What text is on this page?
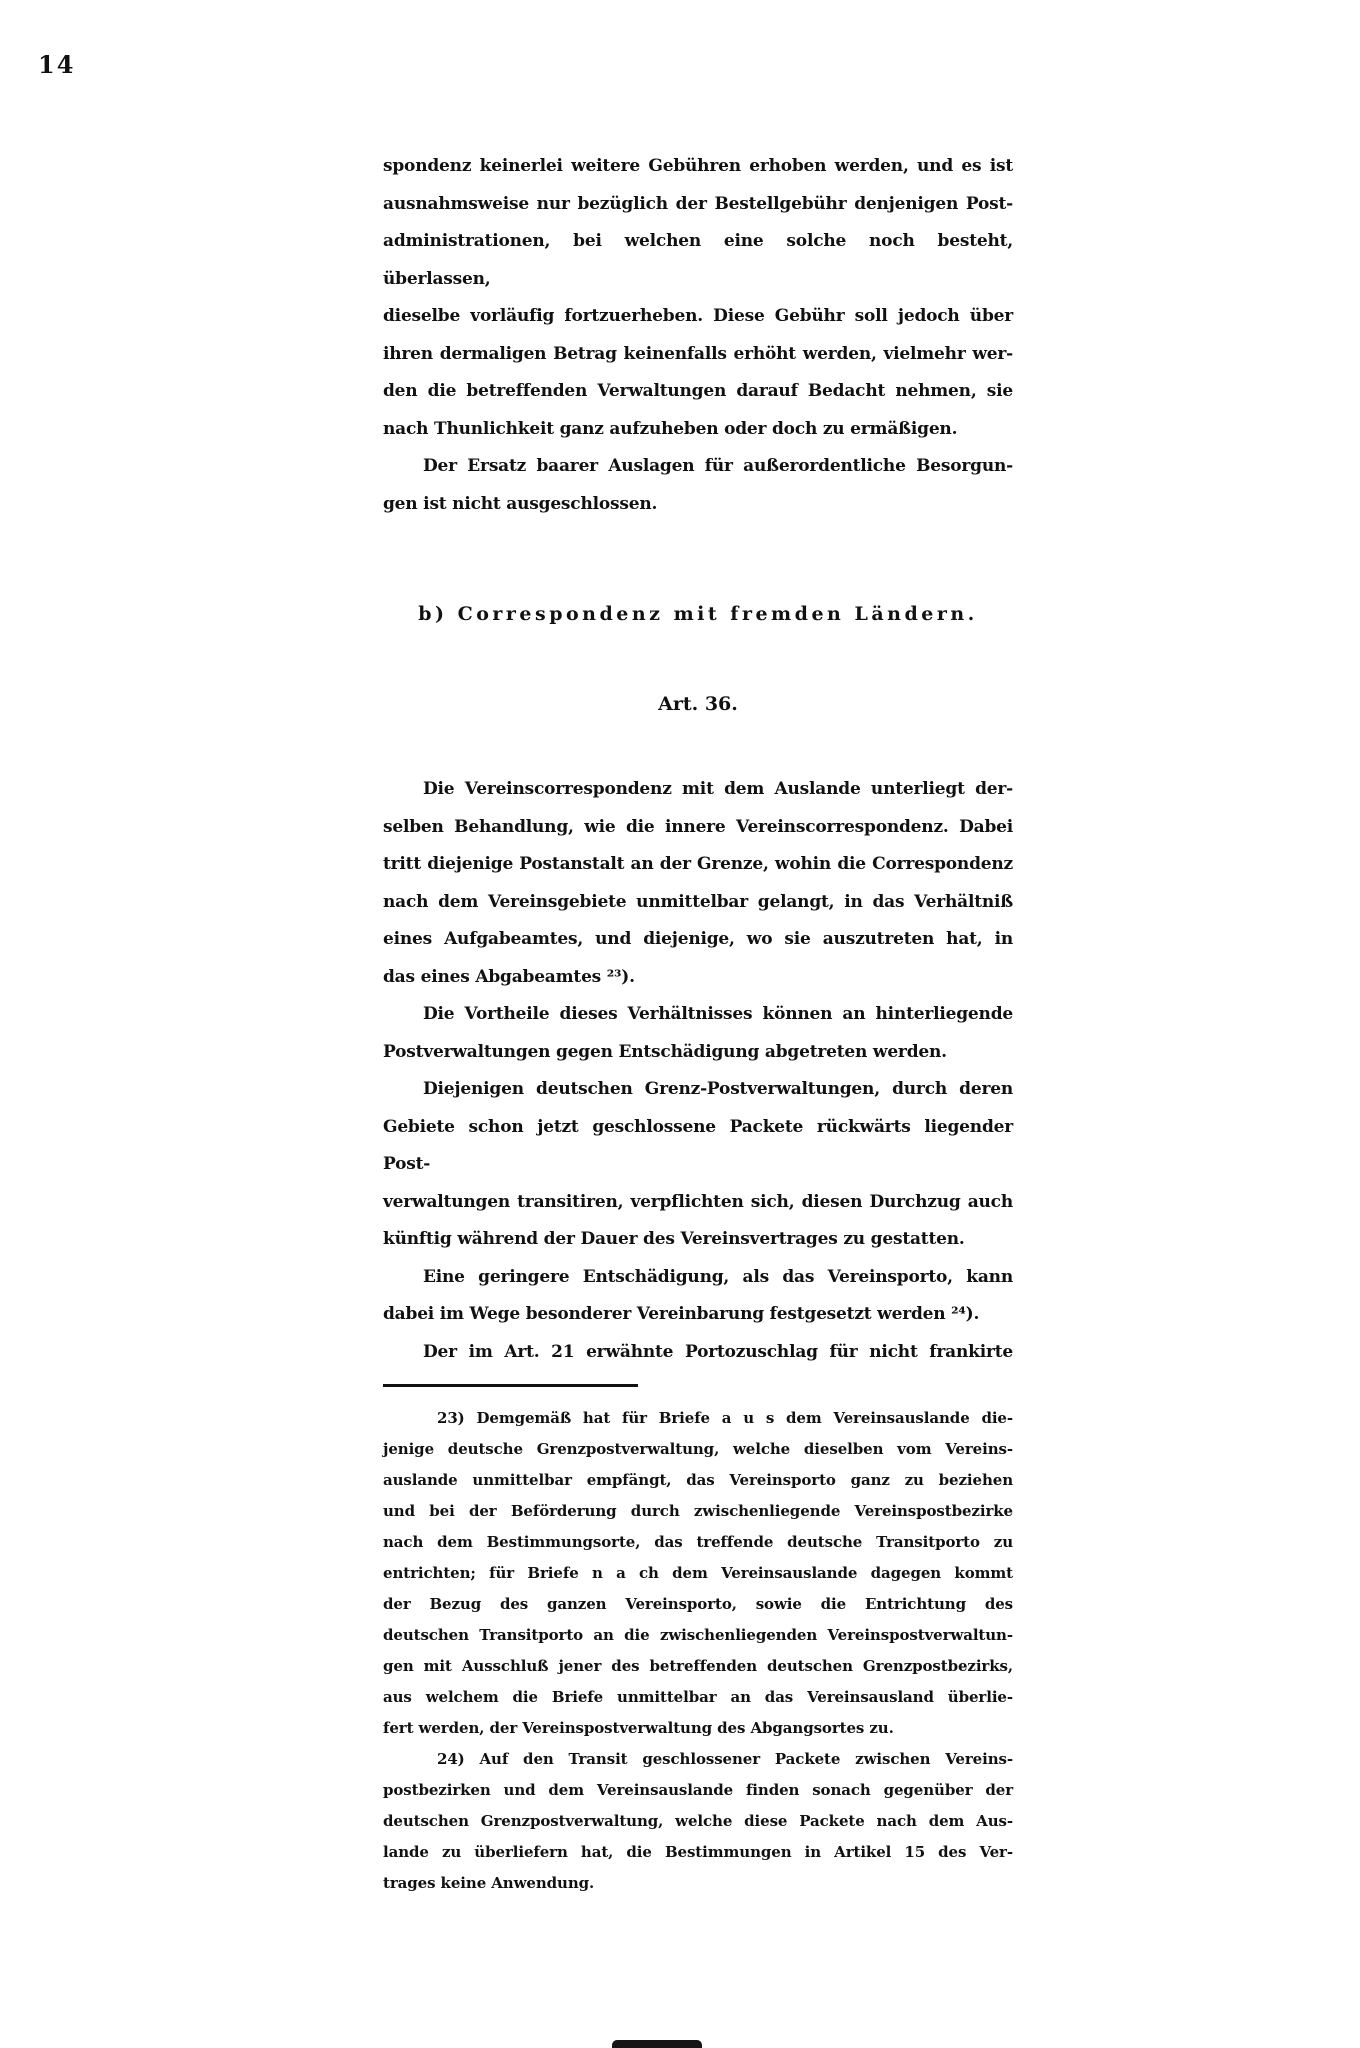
14
spondenz keinerlei weitere Gebühren erhoben werden, und es ist
ausnahmsweise nur bezüglich der Bestellgebühr denjenigen Post-
administrationen, bei welchen eine solche noch besteht, überlassen,
dieselbe vorläufig fortzuerheben. Diese Gebühr soll jedoch über
ihren dermaligen Betrag keinenfalls erhöht werden, vielmehr wer-
den die betreffenden Verwaltungen darauf Bedacht nehmen, sie
nach Thunlichkeit ganz aufzuheben oder doch zu ermäßigen.
Der Ersatz baarer Auslagen für außerordentliche Besorgun-
gen ist nicht ausgeschlossen.
b) Correspondenz mit fremden Ländern.
Art. 36.
Die Vereinscorrespondenz mit dem Auslande unterliegt der-
selben Behandlung, wie die innere Vereinscorrespondenz. Dabei
tritt diejenige Postanstalt an der Grenze, wohin die Correspondenz
nach dem Vereinsgebiete unmittelbar gelangt, in das Verhältniß
eines Aufgabeamtes, und diejenige, wo sie auszutreten hat, in
das eines Abgabeamtes ²³).
Die Vortheile dieses Verhältnisses können an hinterliegende
Postverwaltungen gegen Entschädigung abgetreten werden.
Diejenigen deutschen Grenz-Postverwaltungen, durch deren
Gebiete schon jetzt geschlossene Packete rückwärts liegender Post-
verwaltungen transitiren, verpflichten sich, diesen Durchzug auch
künftig während der Dauer des Vereinsvertrages zu gestatten.
Eine geringere Entschädigung, als das Vereinsporto, kann
dabei im Wege besonderer Vereinbarung festgesetzt werden ²⁴).
Der im Art. 21 erwähnte Portozuschlag für nicht frankirte
23) Demgemäß hat für Briefe a u s dem Vereinsauslande die-
jenige deutsche Grenzpostverwaltung, welche dieselben vom Vereins-
auslande unmittelbar empfängt, das Vereinsporto ganz zu beziehen
und bei der Beförderung durch zwischenliegende Vereinspostbezirke
nach dem Bestimmungsorte, das treffende deutsche Transitporto zu
entrichten; für Briefe n a ch dem Vereinsauslande dagegen kommt
der Bezug des ganzen Vereinsporto, sowie die Entrichtung des
deutschen Transitporto an die zwischenliegenden Vereinspostverwaltun-
gen mit Ausschluß jener des betreffenden deutschen Grenzpostbezirks,
aus welchem die Briefe unmittelbar an das Vereinsausland überlie-
fert werden, der Vereinspostverwaltung des Abgangsortes zu.
24) Auf den Transit geschlossener Packete zwischen Vereins-
postbezirken und dem Vereinsauslande finden sonach gegenüber der
deutschen Grenzpostverwaltung, welche diese Packete nach dem Aus-
lande zu überliefern hat, die Bestimmungen in Artikel 15 des Ver-
trages keine Anwendung.
